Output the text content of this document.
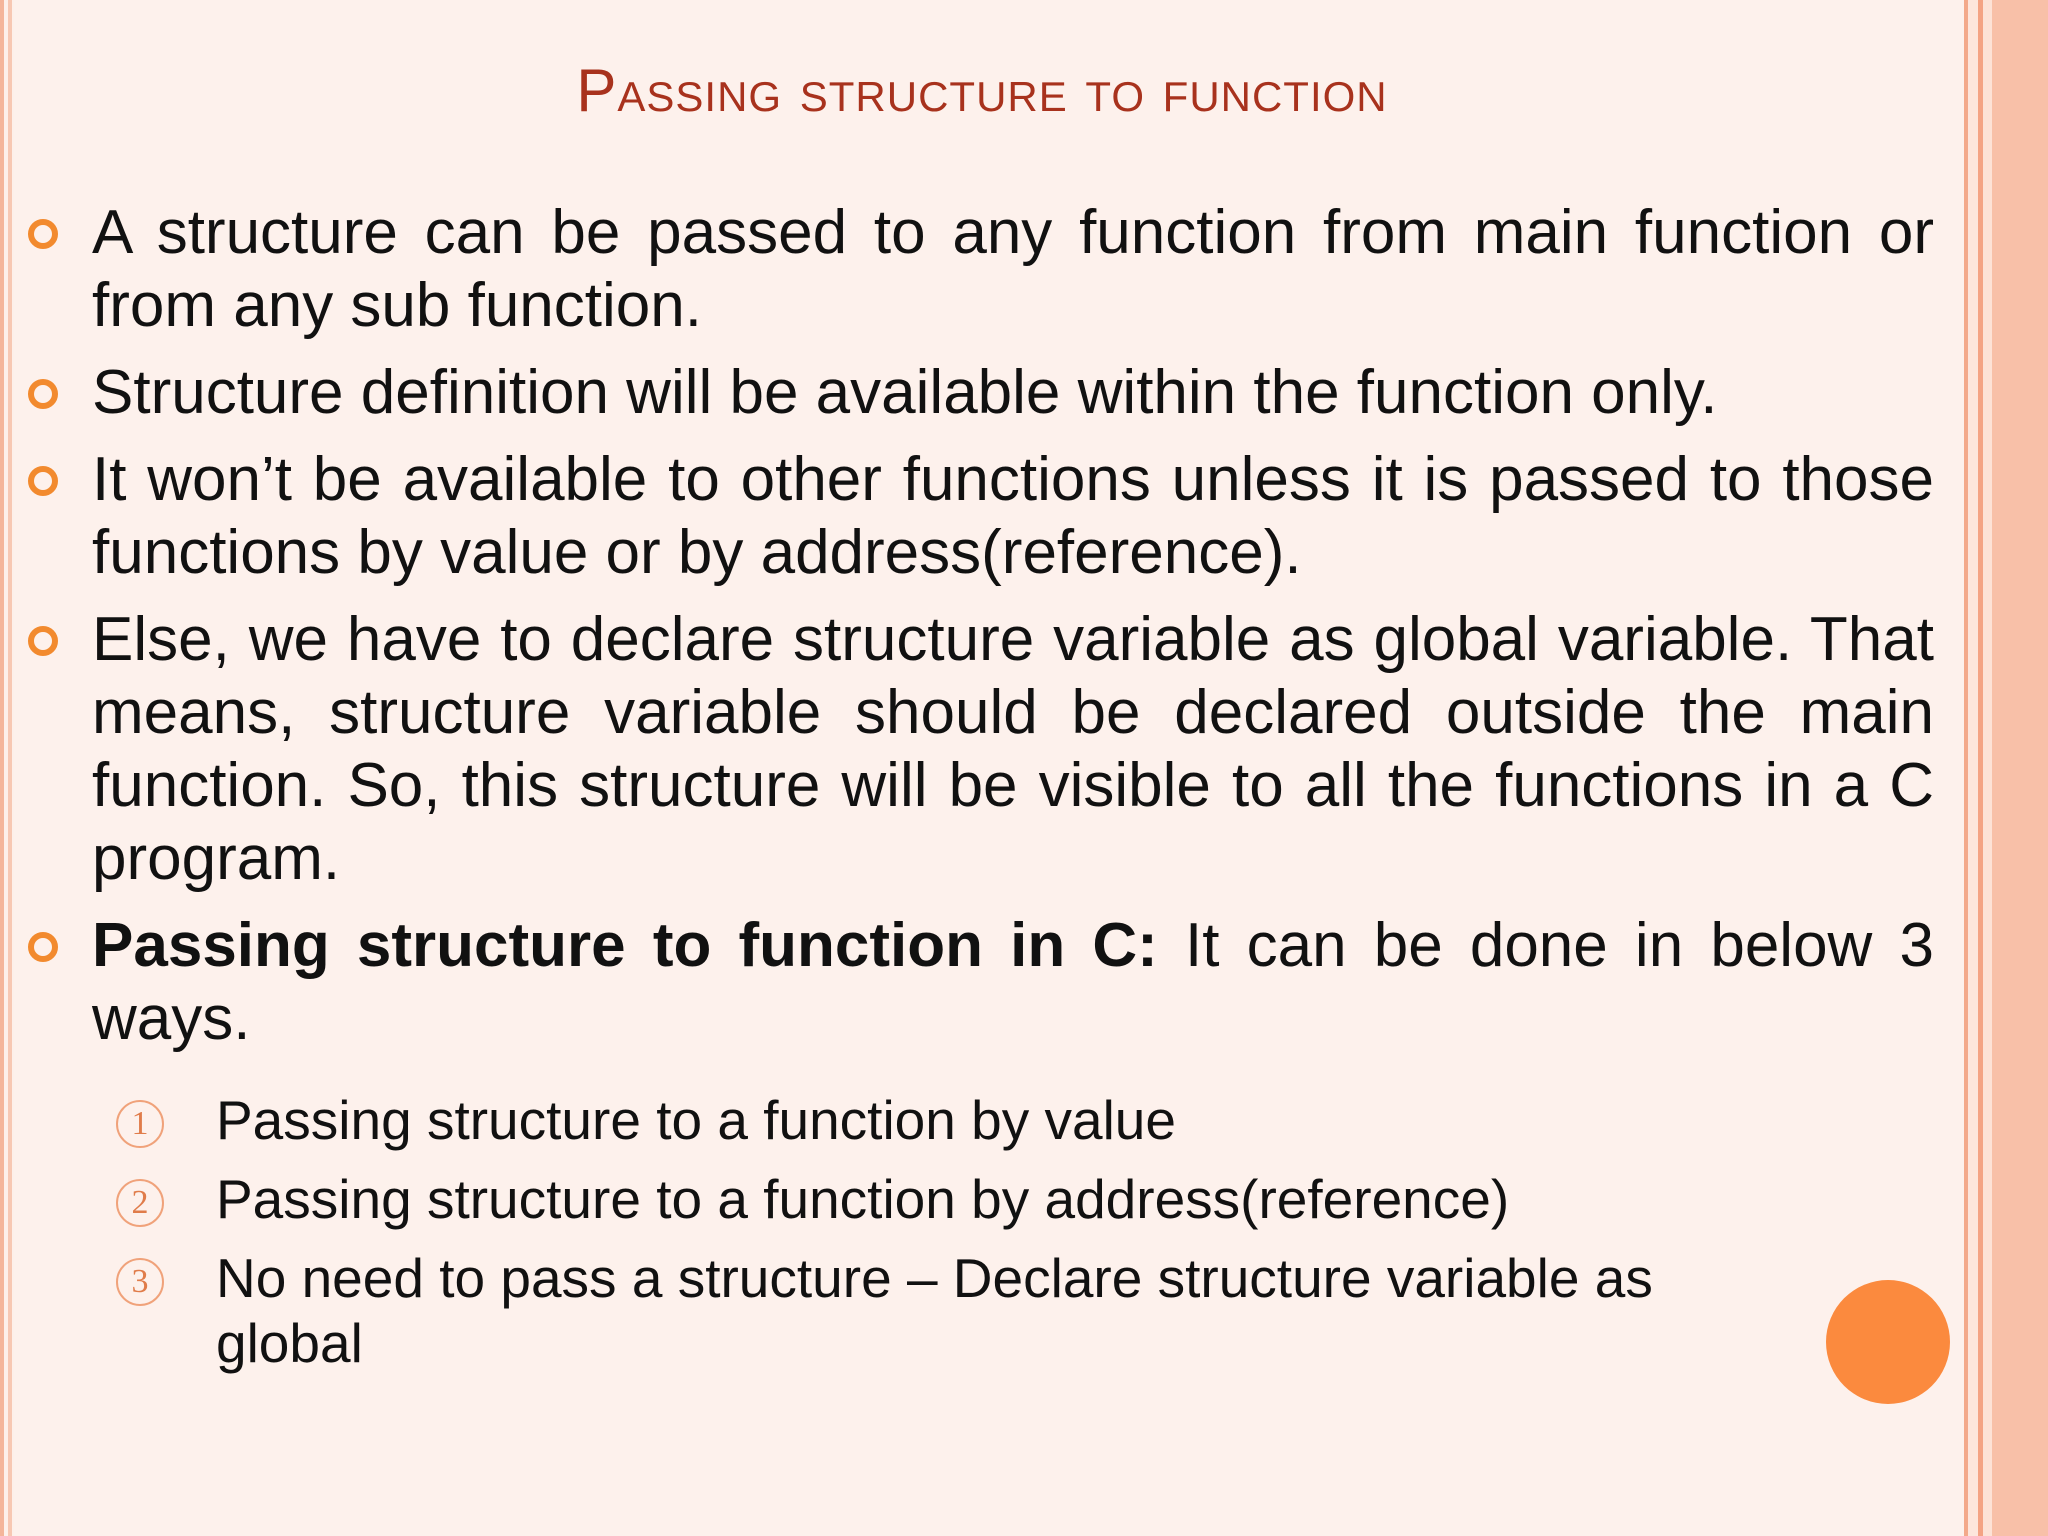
Passing structure to function
A structure can be passed to any function from main function or from any sub function.
Structure definition will be available within the function only.
It won’t be available to other functions unless it is passed to those functions by value or by address(reference).
Else, we have to declare structure variable as global variable. That means, structure variable should be declared outside the main function. So, this structure will be visible to all the functions in a C program.
Passing structure to function in C: It can be done in below 3 ways.
1 Passing structure to a function by value
2 Passing structure to a function by address(reference)
3 No need to pass a structure – Declare structure variable as global
